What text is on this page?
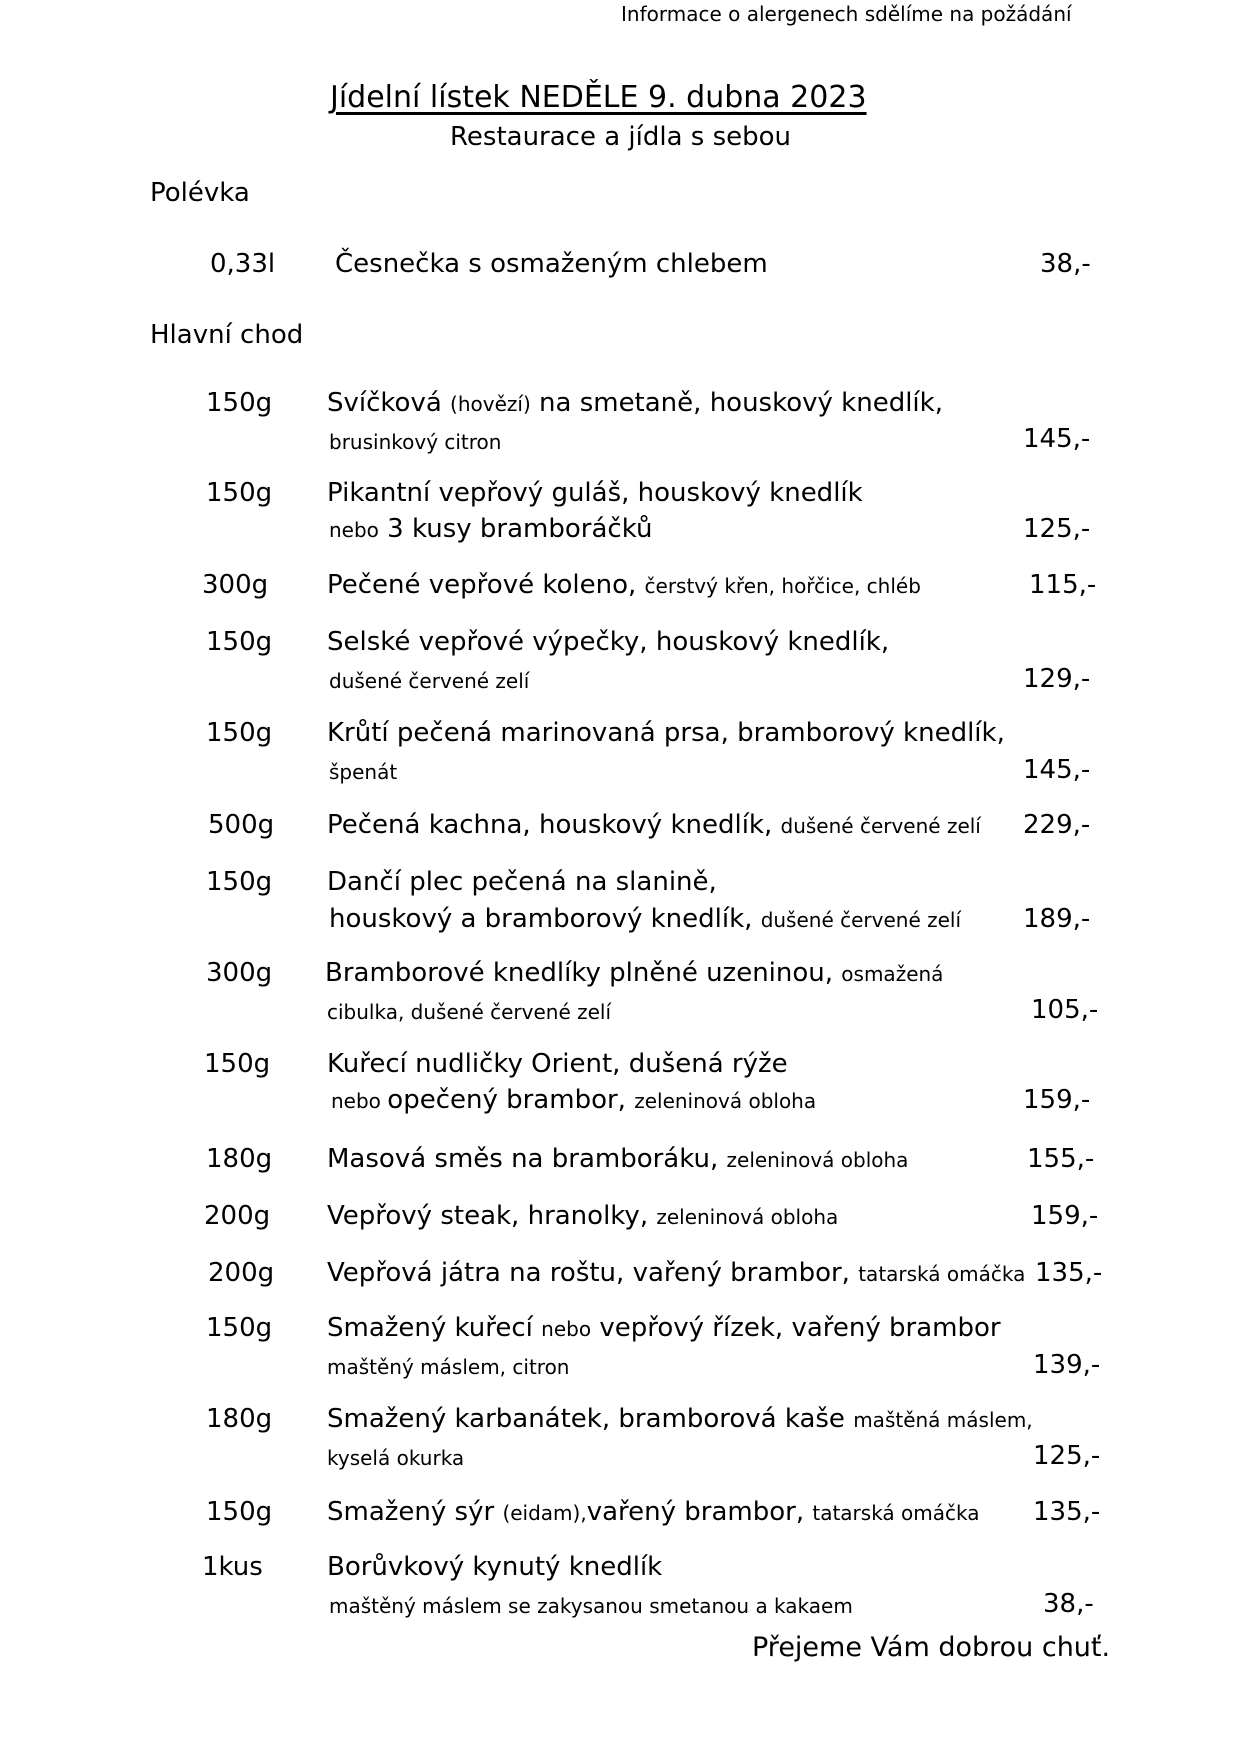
Informace o alergenech sdělíme na požádání
Jídelní lístek NEDĚLE 9. dubna 2023
Restaurace a jídla s sebou
Polévka
0,33l Česnečka s osmaženým chlebem	38,-
Hlavní chod
150g Svíčková (hovězí) na smetaně, houskový knedlík,
brusinkový citron	145,-
150g Pikantní vepřový guláš, houskový knedlík
nebo 3 kusy bramboráčků	125,-
300g Pečené vepřové koleno, čerstvý křen, hořčice, chléb	115,-
150g Selské vepřové výpečky, houskový knedlík,
dušené červené zelí	129,-
150g Krůtí pečená marinovaná prsa, bramborový knedlík,
špenát	145,-
500g Pečená kachna, houskový knedlík, dušené červené zelí 229,-
150g Dančí plec pečená na slanině,
houskový a bramborový knedlík, dušené červené zelí 189,-
300g Bramborové knedlíky plněné uzeninou, osmažená
cibulka, dušené červené zelí	105,-
150g Kuřecí nudličky Orient, dušená rýže
nebo opečený brambor, zeleninová obloha	159,-
180g Masová směs na bramboráku, zeleninová obloha	155,-
200g Vepřový steak, hranolky, zeleninová obloha	159,-
200g Vepřová játra na roštu, vařený brambor, tatarská omáčka 135,-
150g Smažený kuřecí nebo vepřový řízek, vařený brambor
maštěný máslem, citron	139,-
180g Smažený karbanátek, bramborová kaše maštěná máslem,
kyselá okurka	125,-
150g Smažený sýr (eidam),vařený brambor, tatarská omáčka 135,-
1kus Borůvkový kynutý knedlík
maštěný máslem se zakysanou smetanou a kakaem	38,-
Přejeme Vám dobrou chuť.
